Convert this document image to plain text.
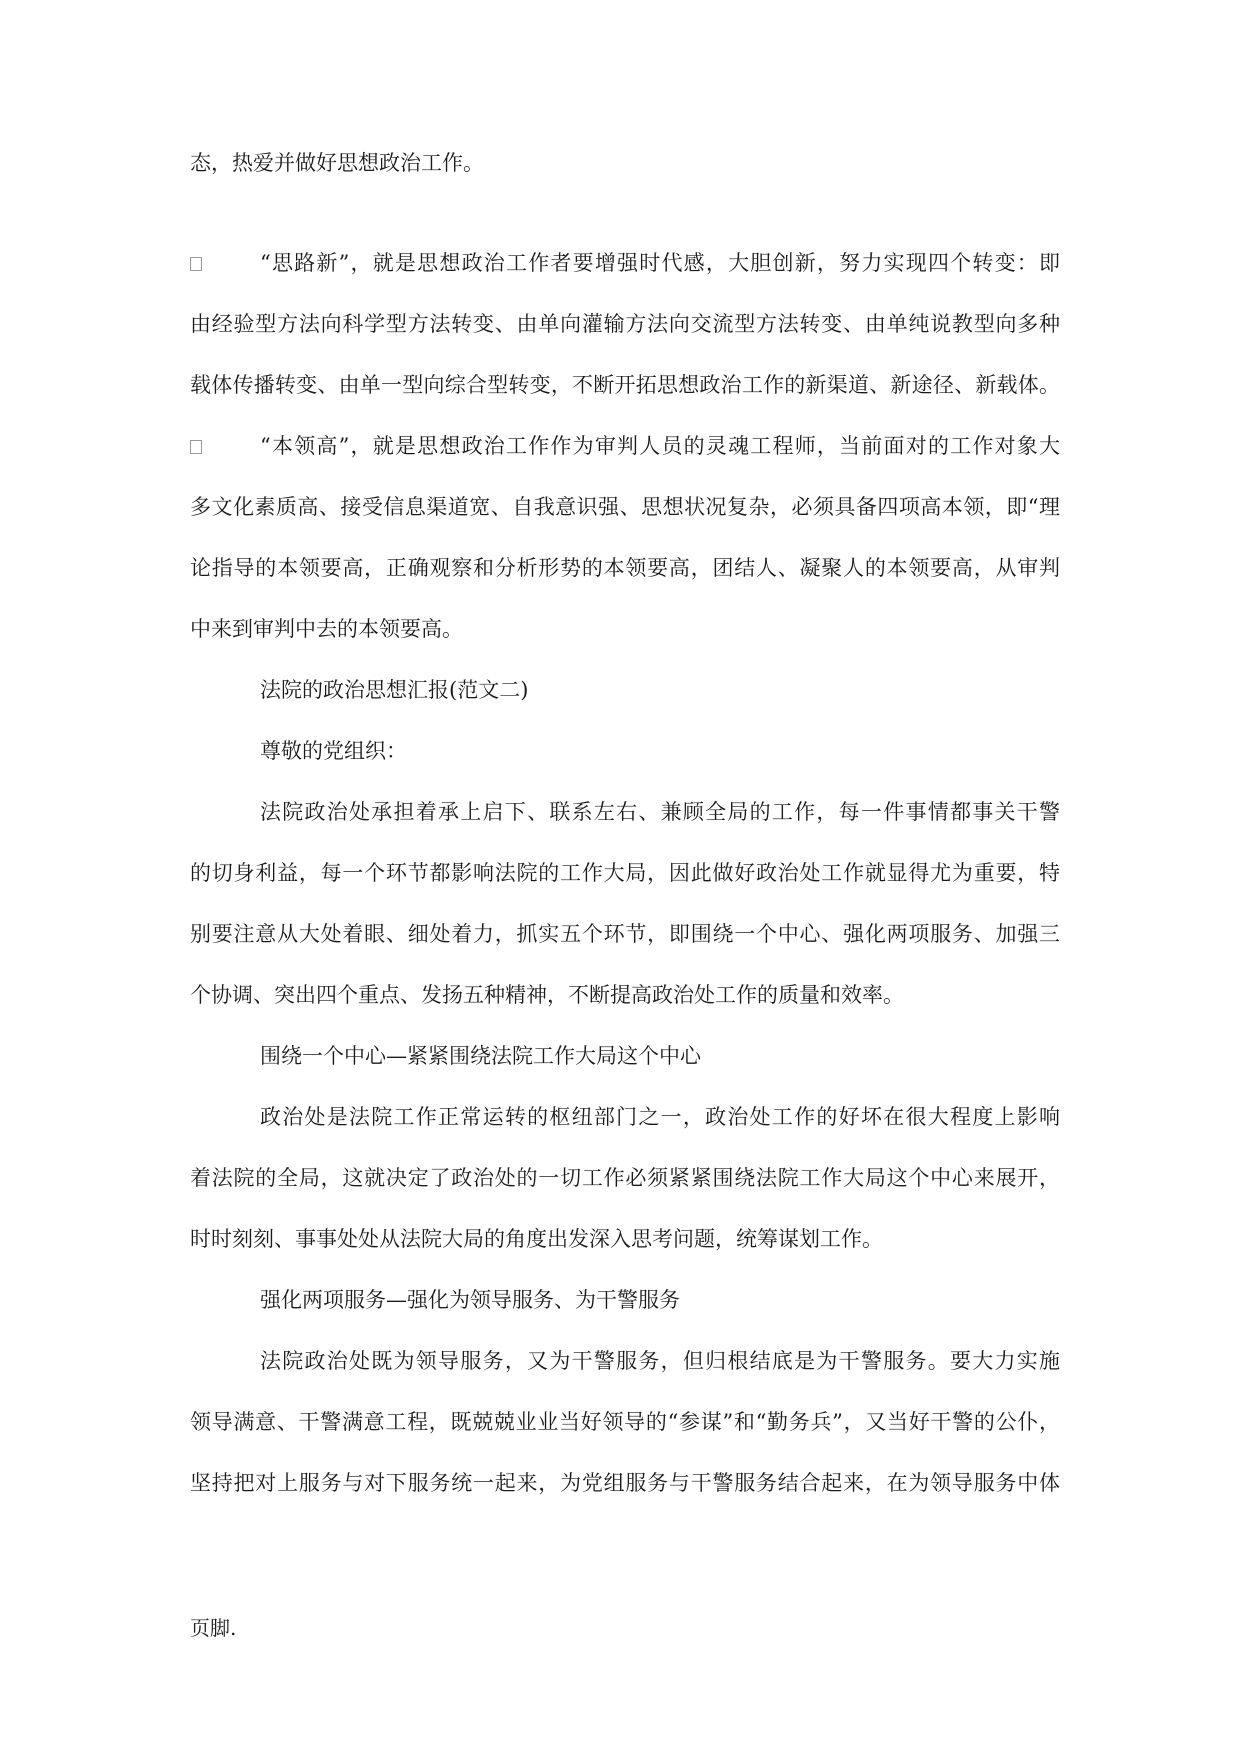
态，热爱并做好思想政治工作。
“思路新”，就是思想政治工作者要增强时代感，大胆创新，努力实现四个转变：即
由经验型方法向科学型方法转变、由单向灌输方法向交流型方法转变、由单纯说教型向多种
载体传播转变、由单一型向综合型转变，不断开拓思想政治工作的新渠道、新途径、新载体。
“本领高”，就是思想政治工作作为审判人员的灵魂工程师，当前面对的工作对象大
多文化素质高、接受信息渠道宽、自我意识强、思想状况复杂，必须具备四项高本领，即“理
论指导的本领要高，正确观察和分析形势的本领要高，团结人、凝聚人的本领要高，从审判
中来到审判中去的本领要高。
法院的政治思想汇报(范文二)
尊敬的党组织：
法院政治处承担着承上启下、联系左右、兼顾全局的工作，每一件事情都事关干警
的切身利益，每一个环节都影响法院的工作大局，因此做好政治处工作就显得尤为重要，特
别要注意从大处着眼、细处着力，抓实五个环节，即围绕一个中心、强化两项服务、加强三
个协调、突出四个重点、发扬五种精神，不断提高政治处工作的质量和效率。
围绕一个中心—紧紧围绕法院工作大局这个中心
政治处是法院工作正常运转的枢纽部门之一，政治处工作的好坏在很大程度上影响
着法院的全局，这就决定了政治处的一切工作必须紧紧围绕法院工作大局这个中心来展开，
时时刻刻、事事处处从法院大局的角度出发深入思考问题，统筹谋划工作。
强化两项服务—强化为领导服务、为干警服务
法院政治处既为领导服务，又为干警服务，但归根结底是为干警服务。要大力实施
领导满意、干警满意工程，既兢兢业业当好领导的“参谋”和“勤务兵”，又当好干警的公仆，
坚持把对上服务与对下服务统一起来，为党组服务与干警服务结合起来，在为领导服务中体
页脚.
